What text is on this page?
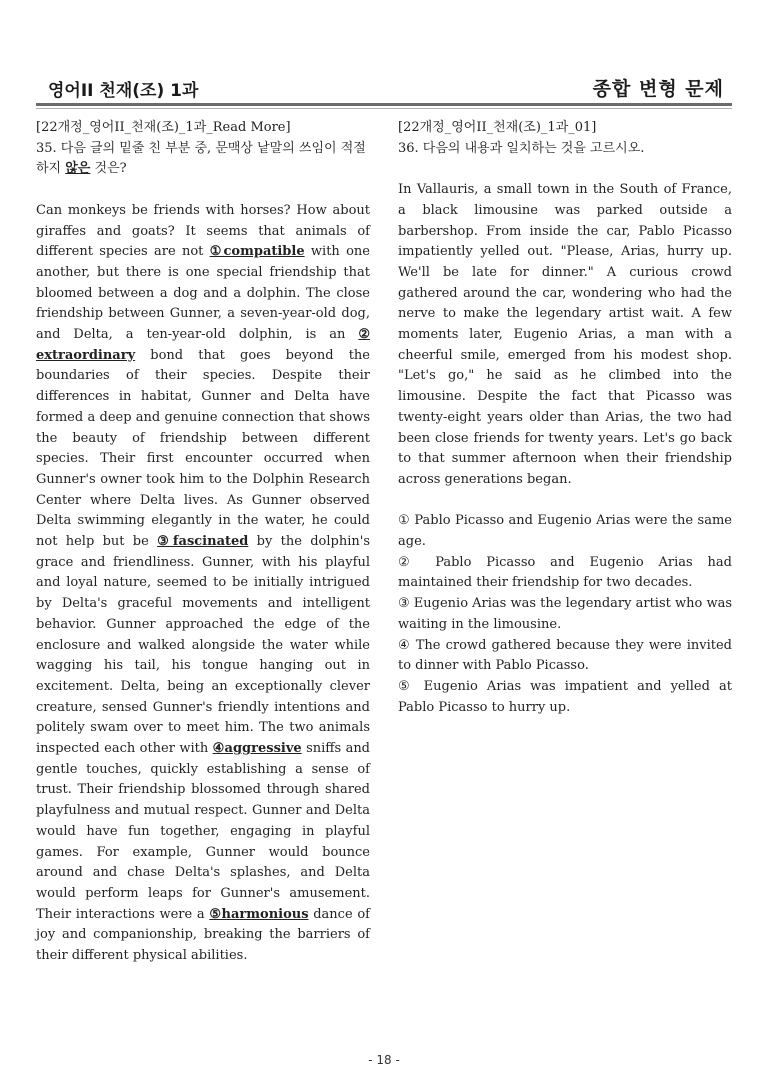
영어II 천재(조) 1과	종합 변형 문제

[22개정_영어II_천재(조)_1과_Read More]

35. 다음 글의 밑줄 친 부분 중, 문맥상 낱말의 쓰임이 적절하지 않은 것은?

Can monkeys be friends with horses? How about giraffes and goats? It seems that animals of different species are not ①compatible with one another, but there is one special friendship that bloomed between a dog and a dolphin. The close friendship between Gunner, a seven-year-old dog, and Delta, a ten-year-old dolphin, is an ② extraordinary bond that goes beyond the boundaries of their species. Despite their differences in habitat, Gunner and Delta have formed a deep and genuine connection that shows the beauty of friendship between different species. Their first encounter occurred when Gunner's owner took him to the Dolphin Research Center where Delta lives. As Gunner observed Delta swimming elegantly in the water, he could not help but be ③fascinated by the dolphin's grace and friendliness. Gunner, with his playful and loyal nature, seemed to be initially intrigued by Delta's graceful movements and intelligent behavior. Gunner approached the edge of the enclosure and walked alongside the water while wagging his tail, his tongue hanging out in excitement. Delta, being an exceptionally clever creature, sensed Gunner's friendly intentions and politely swam over to meet him. The two animals inspected each other with ④aggressive sniffs and gentle touches, quickly establishing a sense of trust. Their friendship blossomed through shared playfulness and mutual respect. Gunner and Delta would have fun together, engaging in playful games. For example, Gunner would bounce around and chase Delta's splashes, and Delta would perform leaps for Gunner's amusement. Their interactions were a ⑤harmonious dance of joy and companionship, breaking the barriers of their different physical abilities.

[22개정_영어II_천재(조)_1과_01]

36. 다음의 내용과 일치하는 것을 고르시오.

In Vallauris, a small town in the South of France, a black limousine was parked outside a barbershop. From inside the car, Pablo Picasso impatiently yelled out. "Please, Arias, hurry up. We'll be late for dinner." A curious crowd gathered around the car, wondering who had the nerve to make the legendary artist wait. A few moments later, Eugenio Arias, a man with a cheerful smile, emerged from his modest shop. "Let's go," he said as he climbed into the limousine. Despite the fact that Picasso was twenty-eight years older than Arias, the two had been close friends for twenty years. Let's go back to that summer afternoon when their friendship across generations began.

① Pablo Picasso and Eugenio Arias were the same age.

② Pablo Picasso and Eugenio Arias had maintained their friendship for two decades.

③ Eugenio Arias was the legendary artist who was waiting in the limousine.

④ The crowd gathered because they were invited to dinner with Pablo Picasso.

⑤ Eugenio Arias was impatient and yelled at Pablo Picasso to hurry up.

- 18 -
